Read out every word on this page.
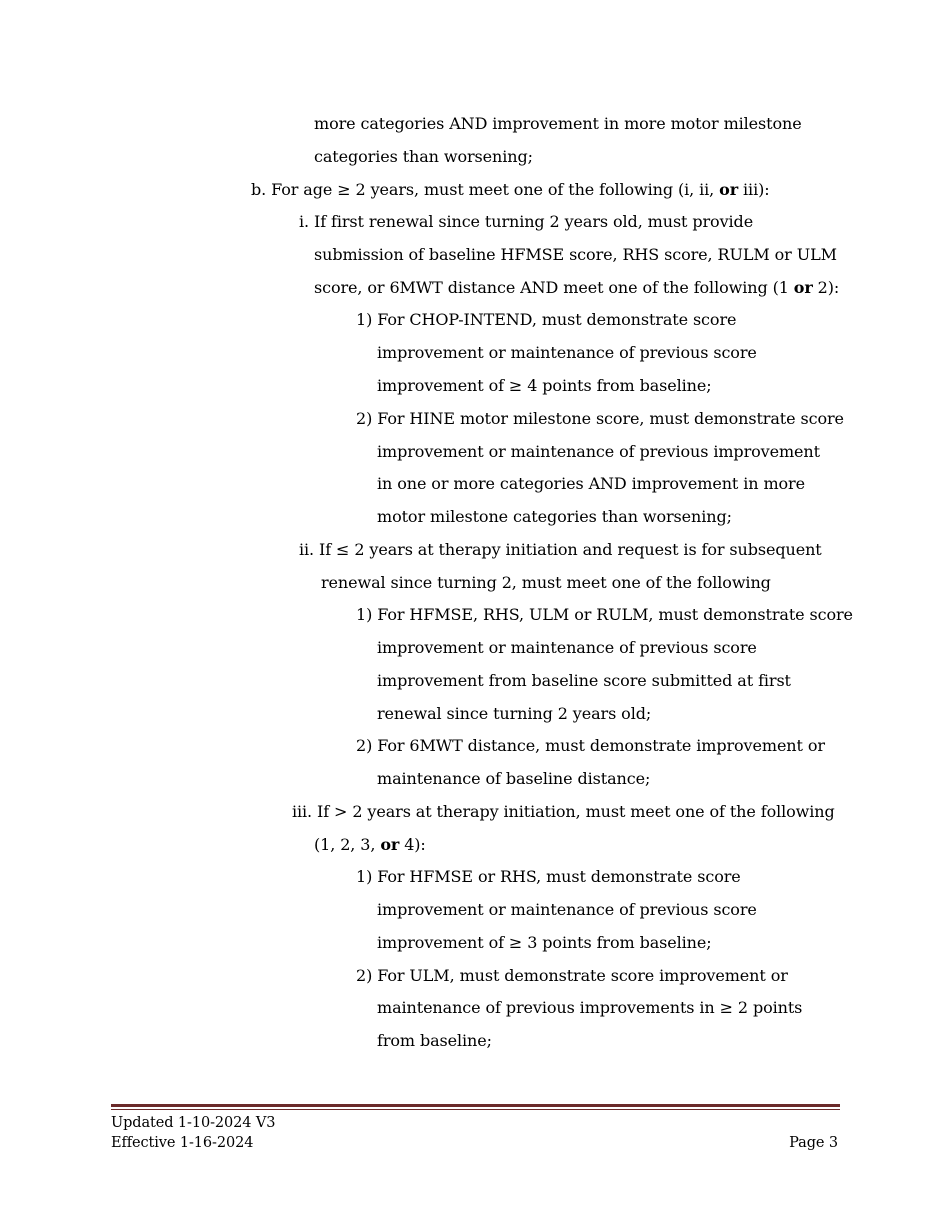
more categories AND improvement in more motor milestone
categories than worsening;
b. For age ≥ 2 years, must meet one of the following (i, ii, or iii):
i. If first renewal since turning 2 years old, must provide
submission of baseline HFMSE score, RHS score, RULM or ULM
score, or 6MWT distance AND meet one of the following (1 or 2):
1) For CHOP-INTEND, must demonstrate score
improvement or maintenance of previous score
improvement of ≥ 4 points from baseline;
2) For HINE motor milestone score, must demonstrate score
improvement or maintenance of previous improvement
in one or more categories AND improvement in more
motor milestone categories than worsening;
ii. If ≤ 2 years at therapy initiation and request is for subsequent
renewal since turning 2, must meet one of the following
1) For HFMSE, RHS, ULM or RULM, must demonstrate score
improvement or maintenance of previous score
improvement from baseline score submitted at first
renewal since turning 2 years old;
2) For 6MWT distance, must demonstrate improvement or
maintenance of baseline distance;
iii. If > 2 years at therapy initiation, must meet one of the following
(1, 2, 3, or 4):
1) For HFMSE or RHS, must demonstrate score
improvement or maintenance of previous score
improvement of ≥ 3 points from baseline;
2) For ULM, must demonstrate score improvement or
maintenance of previous improvements in ≥ 2 points
from baseline;
Updated 1-10-2024 V3
Effective 1-16-2024	Page 3
